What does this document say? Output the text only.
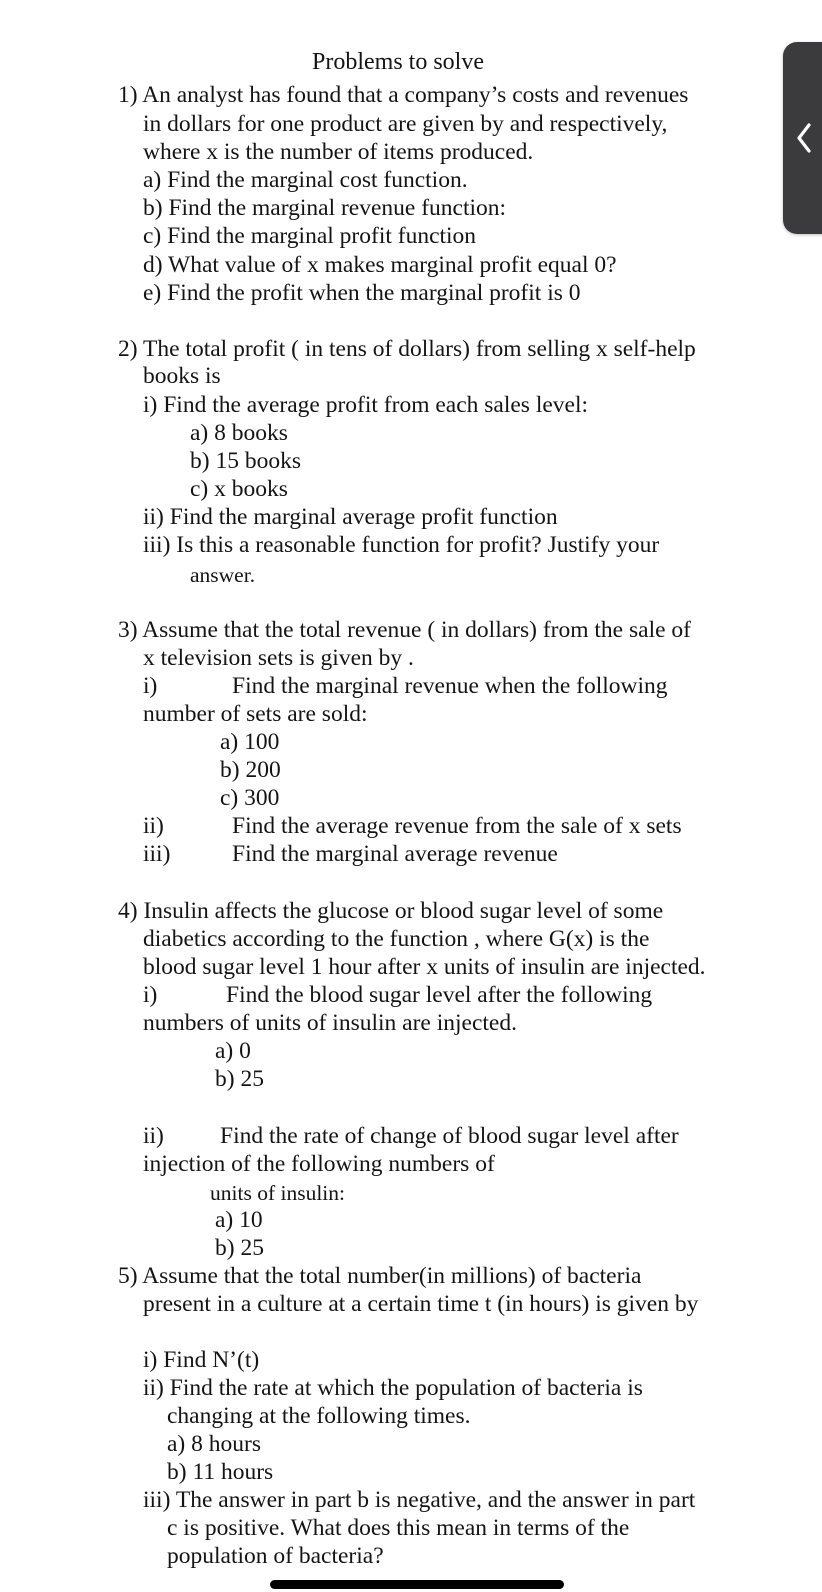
Problems to solve
1) An analyst has found that a company’s costs and revenues
in dollars for one product are given by and respectively,
where x is the number of items produced.
a) Find the marginal cost function.
b) Find the marginal revenue function:
c) Find the marginal profit function
d) What value of x makes marginal profit equal 0?
e) Find the profit when the marginal profit is 0
2) The total profit ( in tens of dollars) from selling x self-help
books is
i) Find the average profit from each sales level:
a) 8 books
b) 15 books
c) x books
ii) Find the marginal average profit function
iii) Is this a reasonable function for profit? Justify your
answer.
3) Assume that the total revenue ( in dollars) from the sale of
x television sets is given by .
i)	Find the marginal revenue when the following
number of sets are sold:
a) 100
b) 200
c) 300
ii)	Find the average revenue from the sale of x sets
iii)	Find the marginal average revenue
4) Insulin affects the glucose or blood sugar level of some
diabetics according to the function , where G(x) is the
blood sugar level 1 hour after x units of insulin are injected.
i)	Find the blood sugar level after the following
numbers of units of insulin are injected.
a) 0
b) 25
ii) Find the rate of change of blood sugar level after
injection of the following numbers of
units of insulin:
a) 10
b) 25
5) Assume that the total number(in millions) of bacteria
present in a culture at a certain time t (in hours) is given by
i) Find N’(t)
ii) Find the rate at which the population of bacteria is
changing at the following times.
a) 8 hours
b) 11 hours
iii) The answer in part b is negative, and the answer in part
c is positive. What does this mean in terms of the
population of bacteria?
